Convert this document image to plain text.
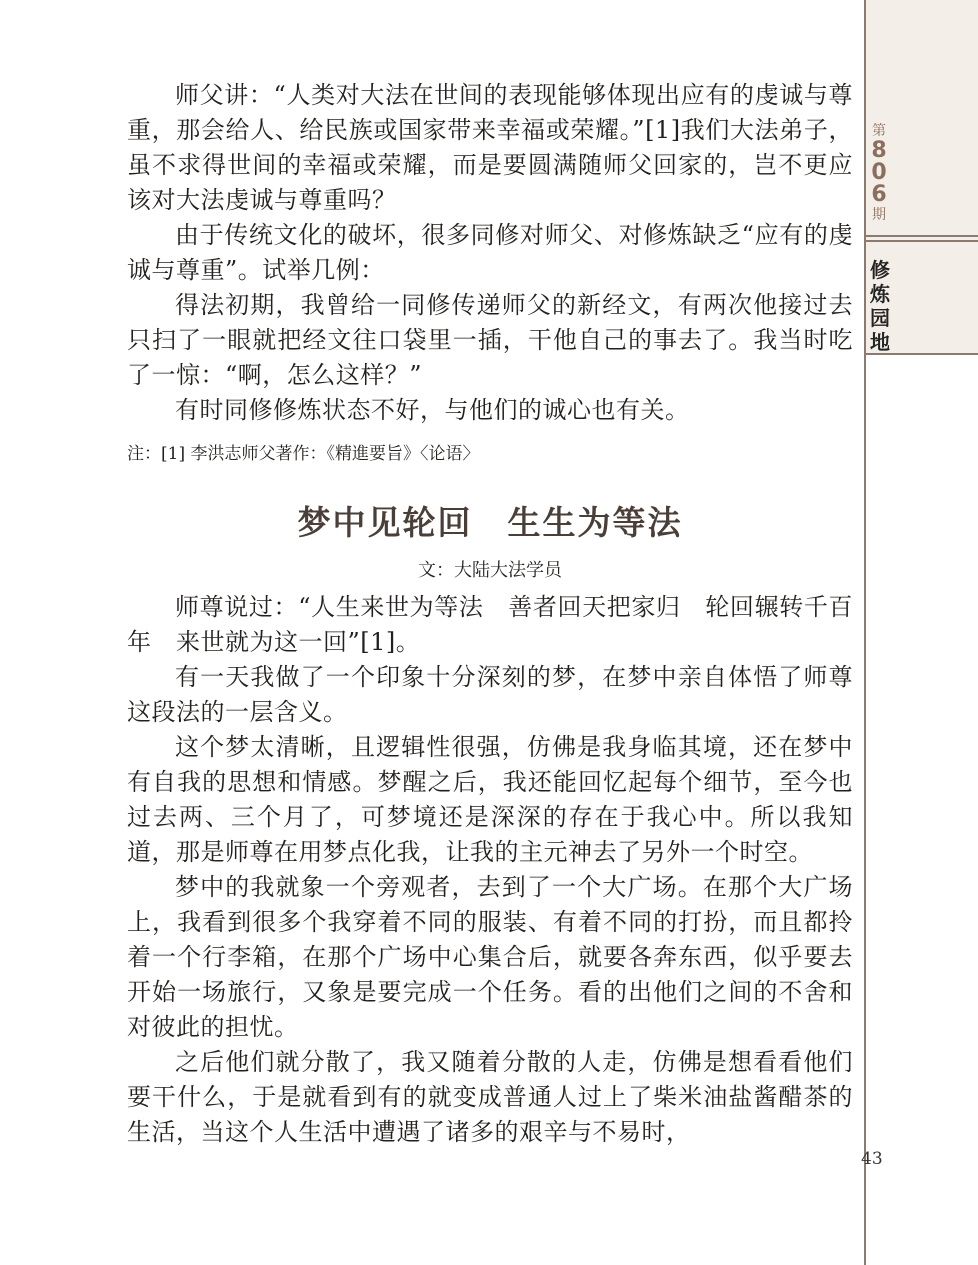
第
8
0
6
期
修
炼
园
地

师父讲：“人类对大法在世间的表现能够体现出应有的虔诚与尊重，那会给人、给民族或国家带来幸福或荣耀。”[1]我们大法弟子，虽不求得世间的幸福或荣耀，而是要圆满随师父回家的，岂不更应该对大法虔诚与尊重吗？

由于传统文化的破坏，很多同修对师父、对修炼缺乏“应有的虔诚与尊重”。试举几例：

得法初期，我曾给一同修传递师父的新经文，有两次他接过去只扫了一眼就把经文往口袋里一插，干他自己的事去了。我当时吃了一惊：“啊，怎么这样？”

有时同修修炼状态不好，与他们的诚心也有关。

注：[1] 李洪志师父著作：《精進要旨》〈论语〉
梦中见轮回　生生为等法
文：大陆大法学员

师尊说过：“人生来世为等法　善者回天把家归　轮回辗转千百年　来世就为这一回”[1]。

有一天我做了一个印象十分深刻的梦，在梦中亲自体悟了师尊这段法的一层含义。

这个梦太清晰，且逻辑性很强，仿佛是我身临其境，还在梦中有自我的思想和情感。梦醒之后，我还能回忆起每个细节，至今也过去两、三个月了，可梦境还是深深的存在于我心中。所以我知道，那是师尊在用梦点化我，让我的主元神去了另外一个时空。

梦中的我就象一个旁观者，去到了一个大广场。在那个大广场上，我看到很多个我穿着不同的服装、有着不同的打扮，而且都拎着一个行李箱，在那个广场中心集合后，就要各奔东西，似乎要去开始一场旅行，又象是要完成一个任务。看的出他们之间的不舍和对彼此的担忧。

之后他们就分散了，我又随着分散的人走，仿佛是想看看他们要干什么，于是就看到有的就变成普通人过上了柴米油盐酱醋茶的生活，当这个人生活中遭遇了诸多的艰辛与不易时，

43
